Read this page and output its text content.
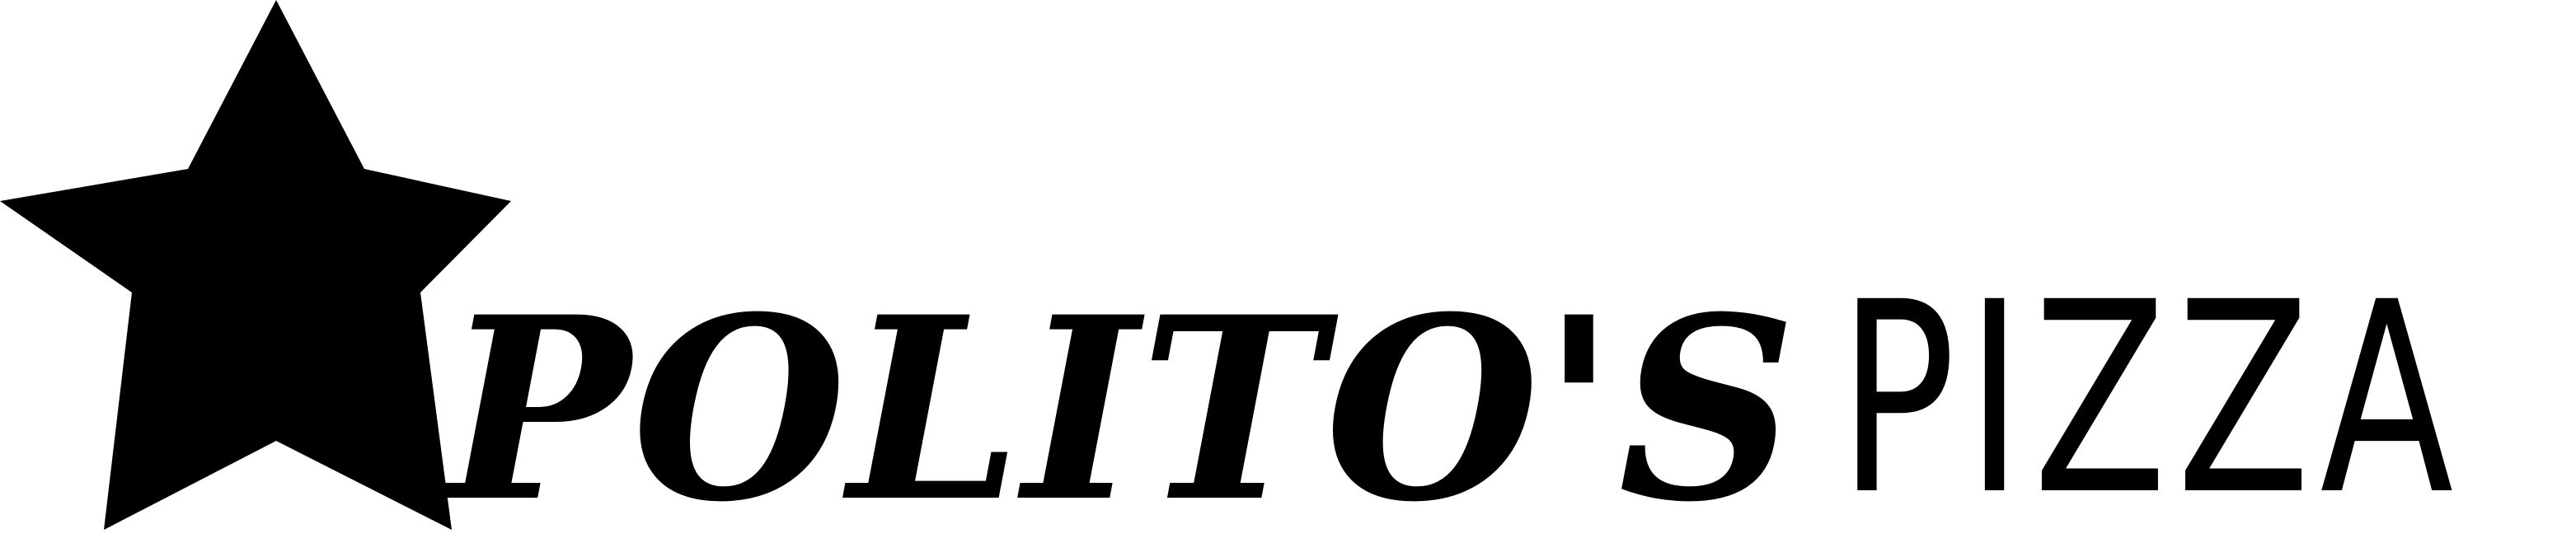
POLITO'S PIZZA
